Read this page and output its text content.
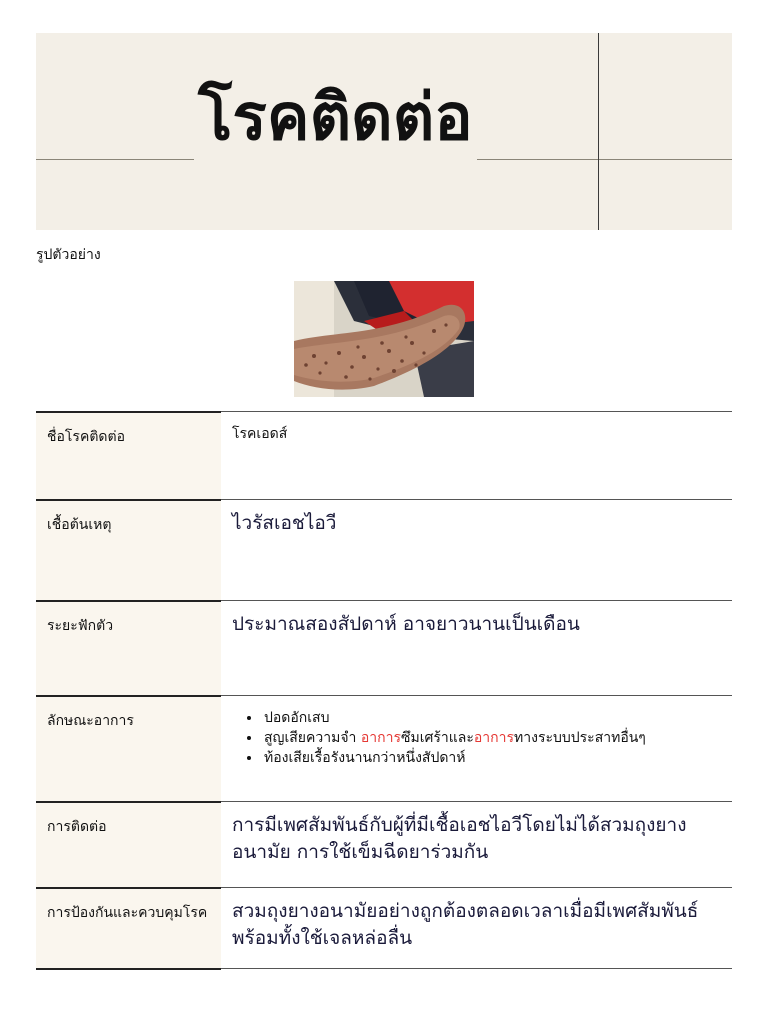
โรคติดต่อ
รูปตัวอย่าง
ชื่อโรคติดต่อ	โรคเอดส์
เชื้อต้นเหตุ	ไวรัสเอชไอวี
ระยะฟักตัว	ประมาณสองสัปดาห์ อาจยาวนานเป็นเดือน
ลักษณะอาการ
•	ปอดอักเสบ
• สูญเสียความจำ อาการซึมเศร้าและอาการทางระบบประสาทอื่นๆ
• ท้องเสียเรื้อรังนานกว่าหนึ่งสัปดาห์
การติดต่อ	การมีเพศสัมพันธ์กับผู้ที่มีเชื้อเอชไอวีโดยไม่ได้สวมถุงยางอนามัย การใช้เข็มฉีดยาร่วมกัน
การป้องกันและควบคุมโรค	สวมถุงยางอนามัยอย่างถูกต้องตลอดเวลาเมื่อมีเพศสัมพันธ์พร้อมทั้งใช้เจลหล่อลื่น
